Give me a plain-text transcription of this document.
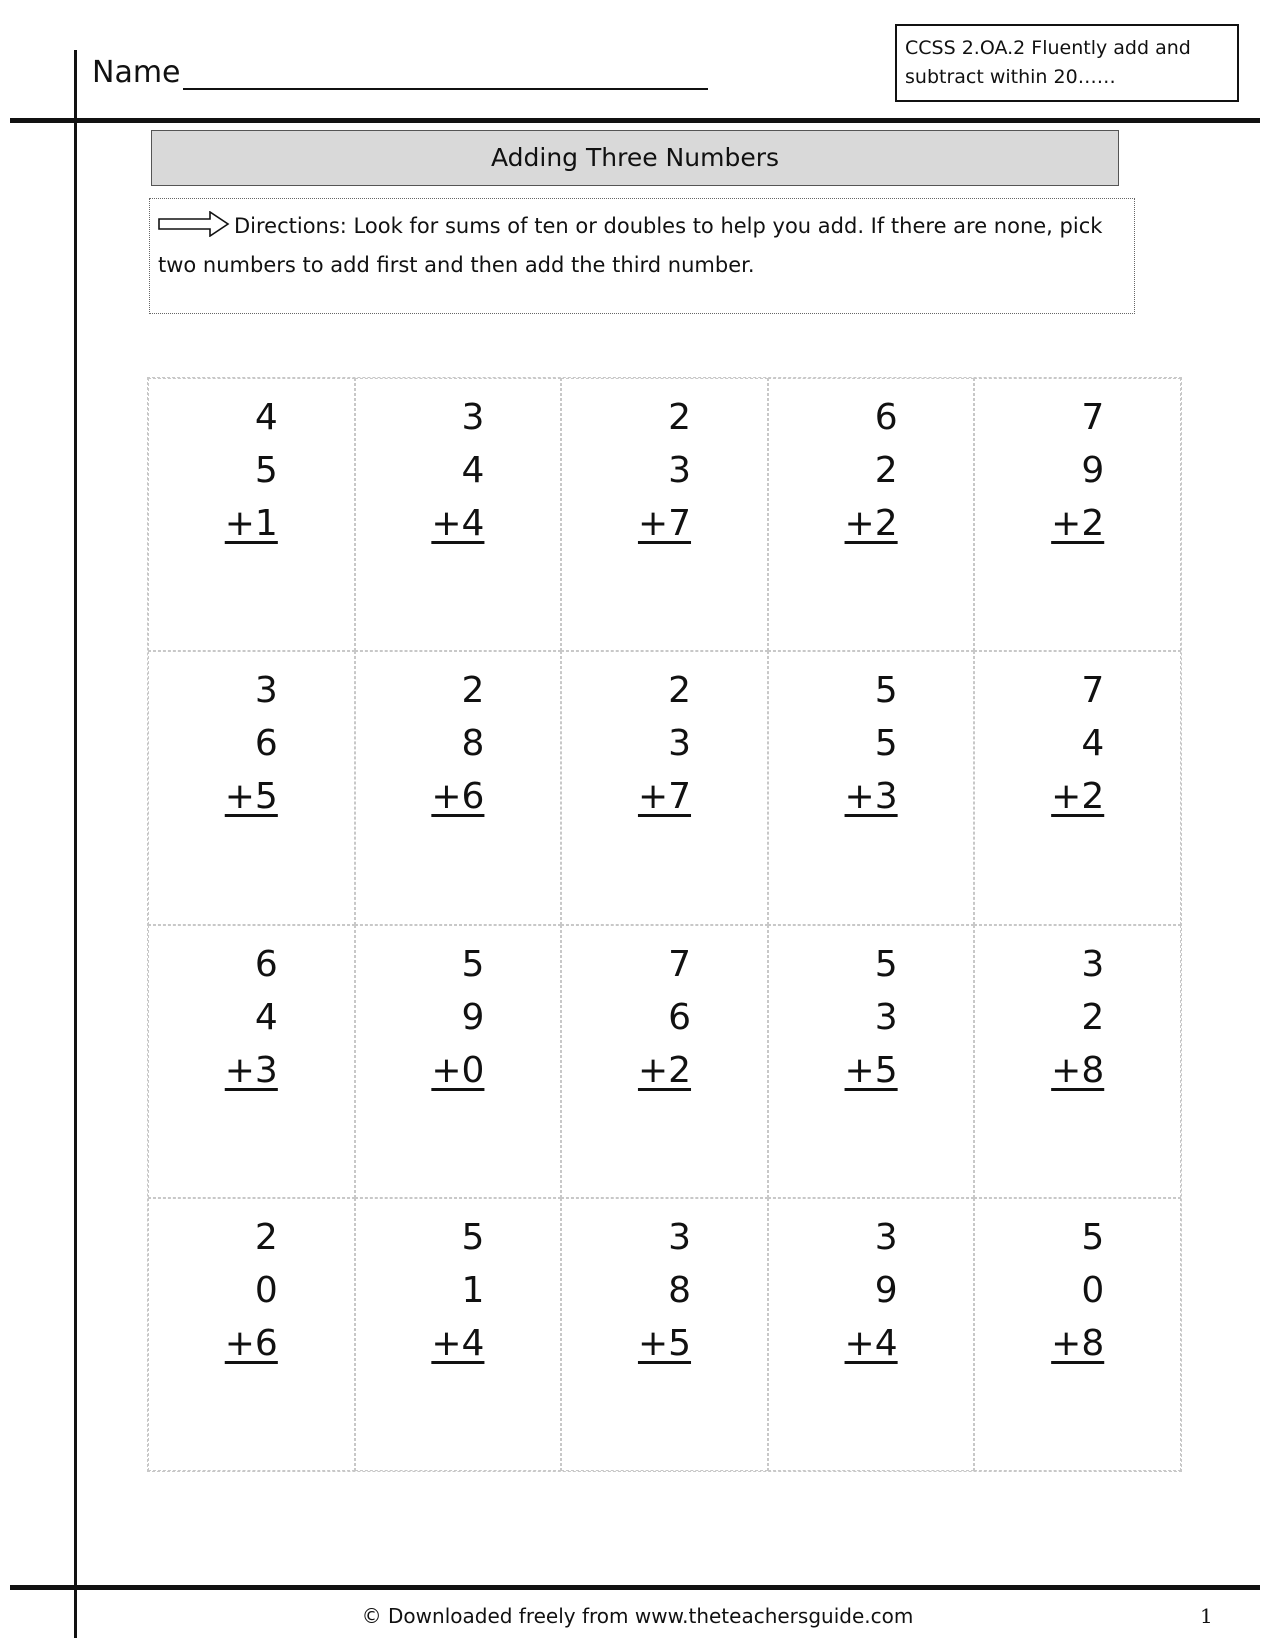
Name
CCSS 2.OA.2 Fluently add and subtract within 20……
Adding Three Numbers
Directions: Look for sums of ten or doubles to help you add. If there are none, pick two numbers to add first and then add the third number.
4
5
+1
3
4
+4
2
3
+7
6
2
+2
7
9
+2
3
6
+5
2
8
+6
2
3
+7
5
5
+3
7
4
+2
6
4
+3
5
9
+0
7
6
+2
5
3
+5
3
2
+8
2
0
+6
5
1
+4
3
8
+5
3
9
+4
5
0
+8
© Downloaded freely from www.theteachersguide.com	1
